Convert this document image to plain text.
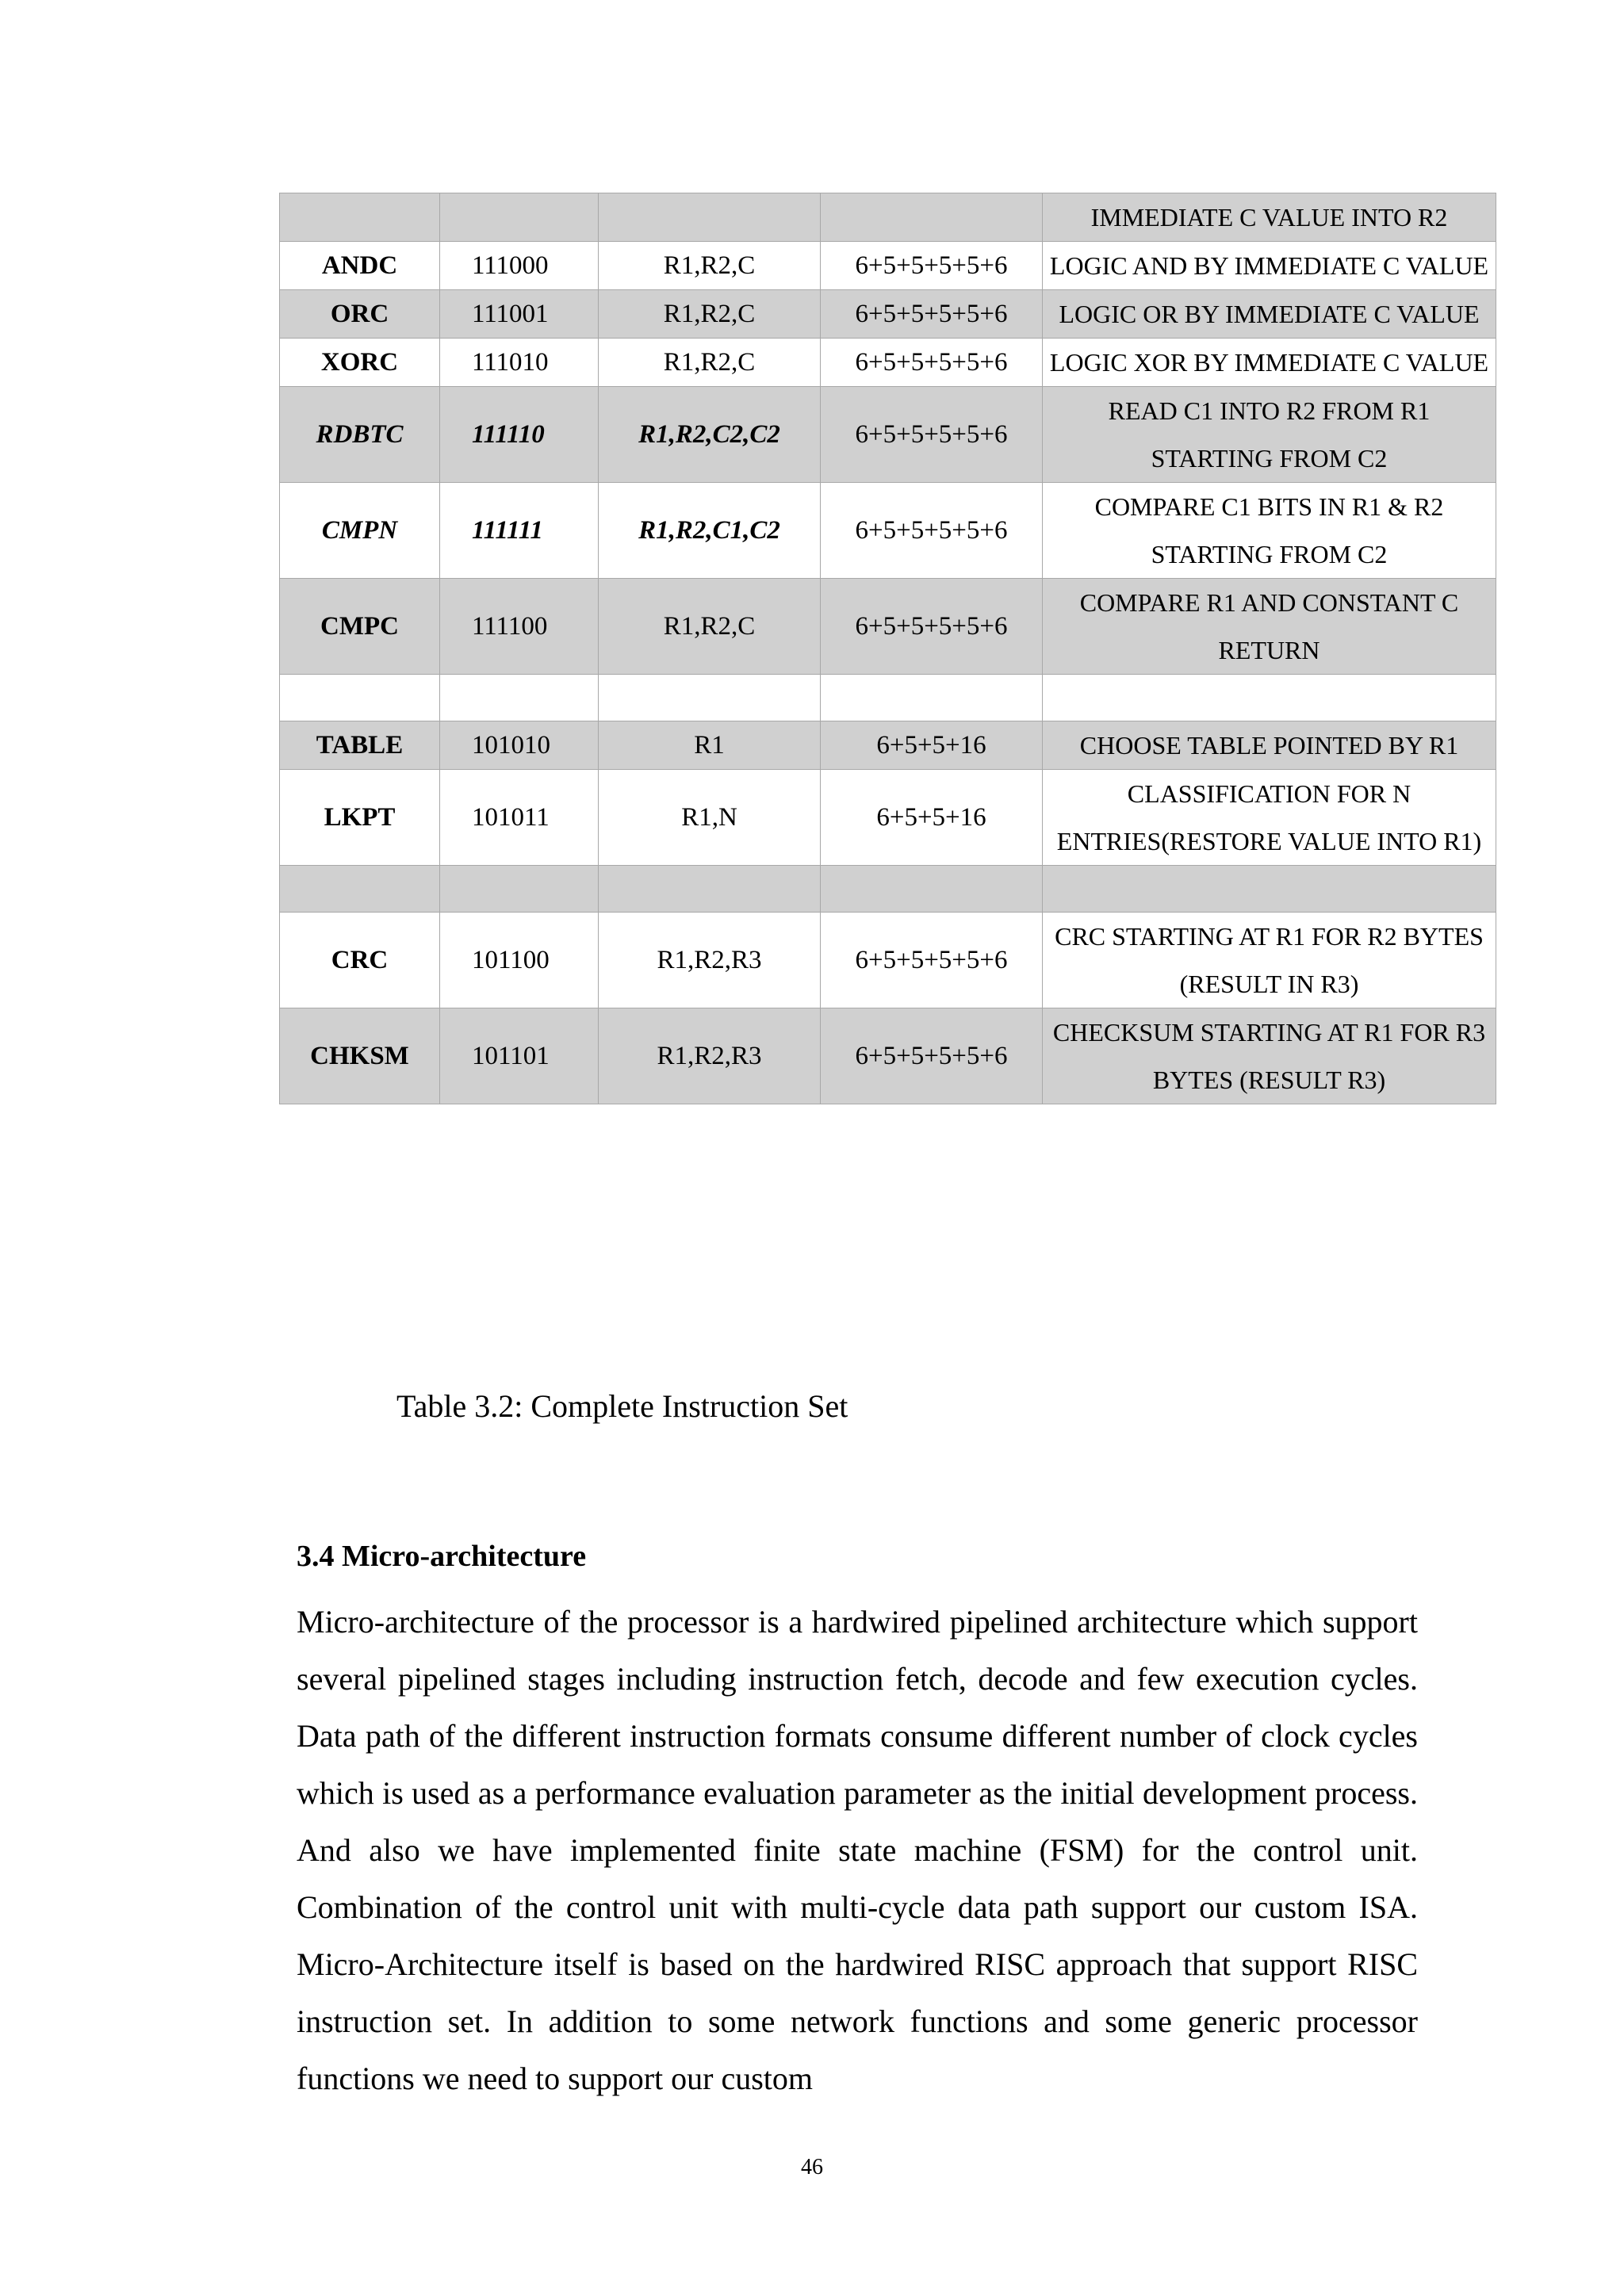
				IMMEDIATE C VALUE INTO R2
ANDC	111000	R1,R2,C	6+5+5+5+5+6	LOGIC AND BY IMMEDIATE C VALUE
ORC	111001	R1,R2,C	6+5+5+5+5+6	LOGIC OR BY IMMEDIATE C VALUE
XORC	111010	R1,R2,C	6+5+5+5+5+6	LOGIC XOR BY IMMEDIATE C VALUE
RDBTC	111110	R1,R2,C2,C2	6+5+5+5+5+6	READ C1 INTO R2 FROM R1 STARTING FROM C2
CMPN	111111	R1,R2,C1,C2	6+5+5+5+5+6	COMPARE C1 BITS IN R1 & R2 STARTING FROM C2
CMPC	111100	R1,R2,C	6+5+5+5+5+6	COMPARE R1 AND CONSTANT C RETURN

TABLE	101010	R1	6+5+5+16	CHOOSE TABLE POINTED BY R1
LKPT	101011	R1,N	6+5+5+16	CLASSIFICATION FOR N ENTRIES(RESTORE VALUE INTO R1)

CRC	101100	R1,R2,R3	6+5+5+5+5+6	CRC STARTING AT R1 FOR R2 BYTES (RESULT IN R3)
CHKSM	101101	R1,R2,R3	6+5+5+5+5+6	CHECKSUM STARTING AT R1 FOR R3 BYTES (RESULT R3)
Table 3.2: Complete Instruction Set
3.4 Micro-architecture
Micro-architecture of the processor is a hardwired pipelined architecture which support several pipelined stages including instruction fetch, decode and few execution cycles. Data path of the different instruction formats consume different number of clock cycles which is used as a performance evaluation parameter as the initial development process. And also we have implemented finite state machine (FSM) for the control unit. Combination of the control unit with multi-cycle data path support our custom ISA. Micro-Architecture itself is based on the hardwired RISC approach that support RISC instruction set. In addition to some network functions and some generic processor functions we need to support our custom
46
